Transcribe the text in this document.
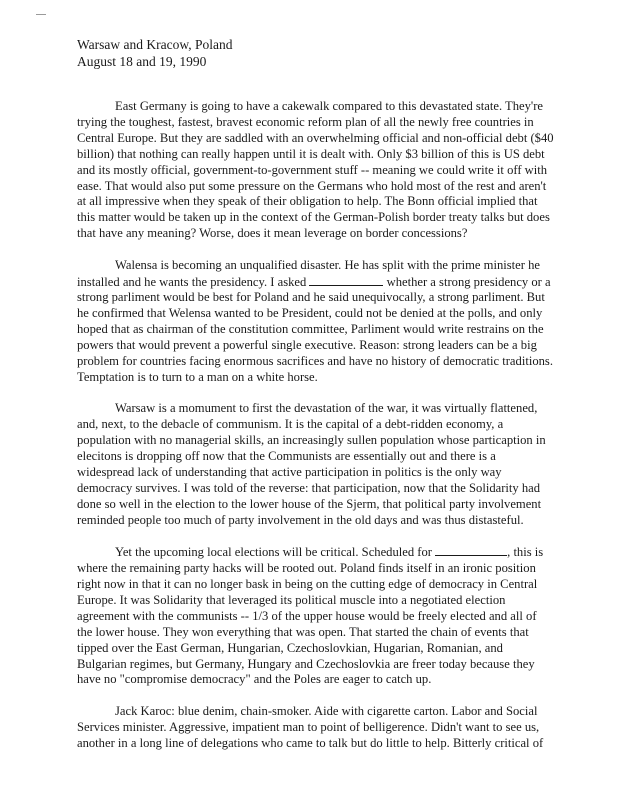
Warsaw and Kracow, Poland
August 18 and 19, 1990

East Germany is going to have a cakewalk compared to this devastated state. They're trying the toughest, fastest, bravest economic reform plan of all the newly free countries in Central Europe. But they are saddled with an overwhelming official and non-official debt ($40 billion) that nothing can really happen until it is dealt with. Only $3 billion of this is US debt and its mostly official, government-to-government stuff -- meaning we could write it off with ease. That would also put some pressure on the Germans who hold most of the rest and aren't at all impressive when they speak of their obligation to help. The Bonn official implied that this matter would be taken up in the context of the German-Polish border treaty talks but does that have any meaning? Worse, does it mean leverage on border concessions?

Walensa is becoming an unqualified disaster. He has split with the prime minister he installed and he wants the presidency. I asked	whether a strong presidency or a strong parliment would be best for Poland and he said unequivocally, a strong parliment. But he confirmed that Welensa wanted to be President, could not be denied at the polls, and only hoped that as chairman of the constitution committee, Parliment would write restrains on the powers that would prevent a powerful single executive. Reason: strong leaders can be a big problem for countries facing enormous sacrifices and have no history of democratic traditions. Temptation is to turn to a man on a white horse.

Warsaw is a momument to first the devastation of the war, it was virtually flattened, and, next, to the debacle of communism. It is the capital of a debt-ridden economy, a population with no managerial skills, an increasingly sullen population whose particaption in elecitons is dropping off now that the Communists are essentially out and there is a widespread lack of understanding that active participation in politics is the only way democracy survives. I was told of the reverse: that participation, now that the Solidarity had done so well in the election to the lower house of the Sjerm, that political party involvement reminded people too much of party involvement in the old days and was thus distasteful.

Yet the upcoming local elections will be critical. Scheduled for	, this is where the remaining party hacks will be rooted out. Poland finds itself in an ironic position right now in that it can no longer bask in being on the cutting edge of democracy in Central Europe. It was Solidarity that leveraged its political muscle into a negotiated election agreement with the communists -- 1/3 of the upper house would be freely elected and all of the lower house. They won everything that was open. That started the chain of events that tipped over the East German, Hungarian, Czechoslovkian, Hugarian, Romanian, and Bulgarian regimes, but Germany, Hungary and Czechoslovkia are freer today because they have no "compromise democracy" and the Poles are eager to catch up.

Jack Karoc: blue denim, chain-smoker. Aide with cigarette carton. Labor and Social Services minister. Aggressive, impatient man to point of belligerence. Didn't want to see us, another in a long line of delegations who came to talk but do little to help. Bitterly critical of
